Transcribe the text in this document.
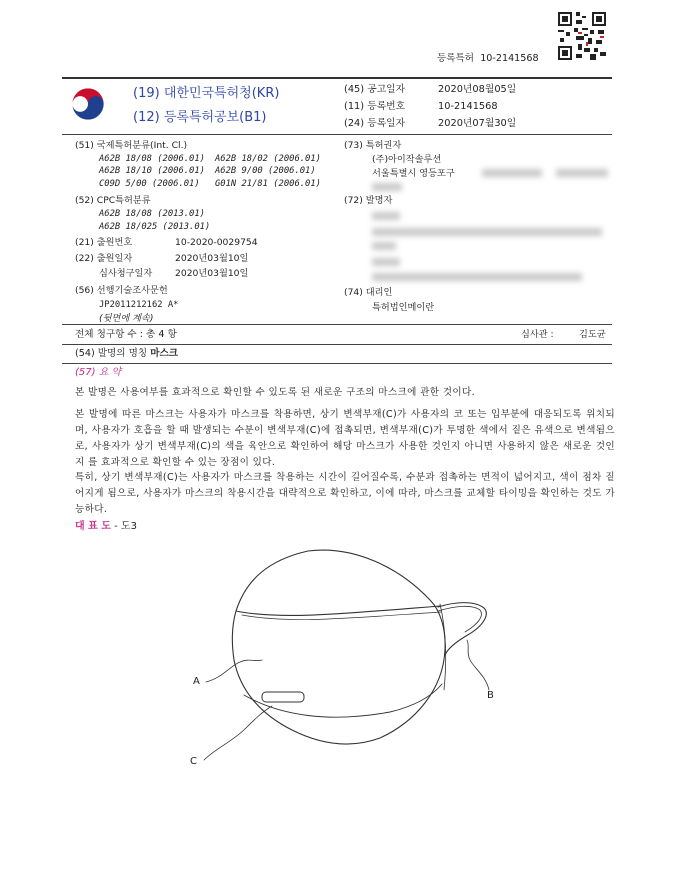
등록특허 10-2141568
(19) 대한민국특허청(KR)
(12) 등록특허공보(B1)
(45) 공고일자	2020년08월05일
(11) 등록번호	10-2141568
(24) 등록일자	2020년07월30일
(51) 국제특허분류(Int. Cl.)
A62B 18/08 (2006.01) A62B 18/02 (2006.01)
A62B 18/10 (2006.01) A62B 9/00 (2006.01)
C09D 5/00 (2006.01) G01N 21/81 (2006.01)
(52) CPC특허분류
A62B 18/08 (2013.01)
A62B 18/025 (2013.01)
(21) 출원번호	10-2020-0029754
(22) 출원일자	2020년03월10일
심사청구일자 2020년03월10일
(56) 선행기술조사문헌
JP2011212162 A*
(뒷면에 계속)
(73) 특허권자
(주)아이작솔루션
서울특별시 영등포구
(72) 발명자
(74) 대리인
특허법인메이란
전체 청구항 수 : 총 4 항	심사관 :	김도균
(54) 발명의 명칭 마스크
(57) 요 약
본 발명은 사용여부를 효과적으로 확인할 수 있도록 된 새로운 구조의 마스크에 관한 것이다.
본 발명에 따른 마스크는 사용자가 마스크를 착용하면, 상기 변색부재(C)가 사용자의 코 또는 입부분에 대응되도록 위치되며, 사용자가 호흡을 할 때 발생되는 수분이 변색부재(C)에 접촉되면, 변색부재(C)가 투명한 색에서 짙은 유색으로 변색됨으로, 사용자가 상기 변색부재(C)의 색을 육안으로 확인하여 해당 마스크가 사용한 것인지 아니면 사용하지 않은 새로운 것인지 를 효과적으로 확인할 수 있는 장점이 있다.
특히, 상기 변색부재(C)는 사용자가 마스크를 착용하는 시간이 길어질수록, 수분과 접촉하는 면적이 넓어지고, 색이 점차 짙어지게 됨으로, 사용자가 마스크의 착용시간을 대략적으로 확인하고, 이에 따라, 마스크를 교체할 타이밍을 확인하는 것도 가능하다.
대 표 도 - 도3
A
B
C
